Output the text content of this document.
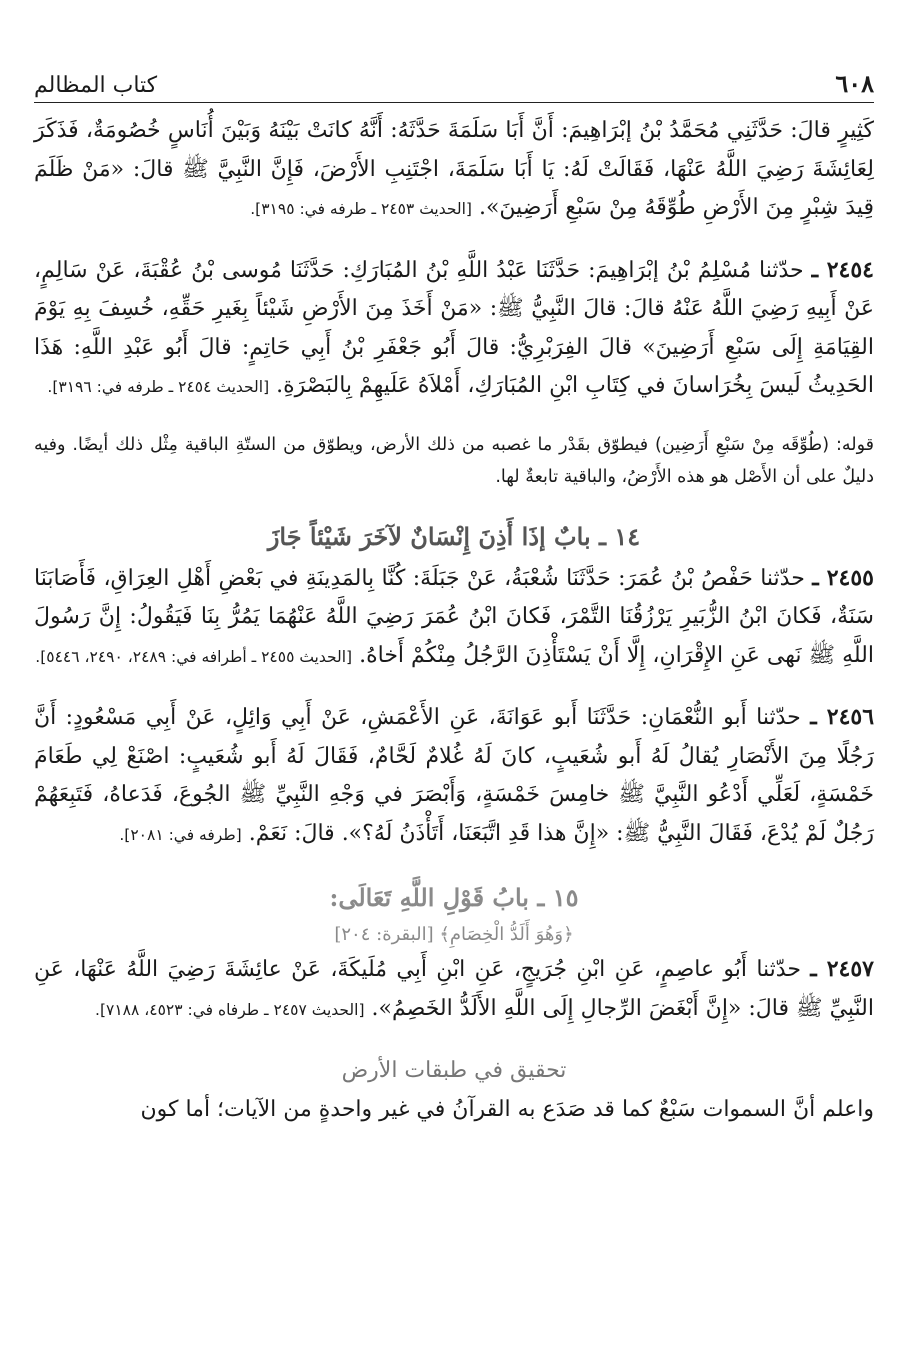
٦٠٨
كتاب المظالم

كَثِيرٍ قالَ: حَدَّثَنِي مُحَمَّدُ بْنُ إبْرَاهِيمَ: أَنَّ أَبَا سَلَمَةَ حَدَّثَهُ: أَنَّهُ كانَتْ بَيْنَهُ وَبَيْنَ أُنَاسٍ خُصُومَةٌ، فَذَكَرَ لِعَائِشَةَ رَضِيَ اللَّهُ عَنْهَا، فَقَالَتْ لَهُ: يَا أَبَا سَلَمَةَ، اجْتَنِبِ الأَرْضَ، فَإِنَّ النَّبِيَّ ﷺ قالَ: «مَنْ ظَلَمَ قِيدَ شِبْرٍ مِنَ الأَرْضِ طُوِّقَهُ مِنْ سَبْعِ أَرَضِينَ». [الحديث ٢٤٥٣ ـ طرفه في: ٣١٩٥].

٢٤٥٤ ـ حدّثنا مُسْلِمُ بْنُ إبْرَاهِيمَ: حَدَّثَنَا عَبْدُ اللَّهِ بْنُ المُبَارَكِ: حَدَّثَنَا مُوسى بْنُ عُقْبَةَ، عَنْ سَالِمٍ، عَنْ أَبِيهِ رَضِيَ اللَّهُ عَنْهُ قالَ: قالَ النَّبِيُّ ﷺ: «مَنْ أَخَذَ مِنَ الأَرْضِ شَيْئاً بِغَيرِ حَقِّهِ، خُسِفَ بِهِ يَوْمَ القِيَامَةِ إِلَى سَبْعِ أَرَضِينَ» قالَ الفِرَبْرِيُّ: قالَ أَبُو جَعْفَرِ بْنُ أَبِي حَاتِمٍ: قالَ أَبُو عَبْدِ اللَّهِ: هَذَا الحَدِيثُ لَيسَ بِخُرَاسانَ في كِتَابِ ابْنِ المُبَارَكِ، أَمْلاَهُ عَلَيهِمْ بِالبَصْرَةِ. [الحديث ٢٤٥٤ ـ طرفه في: ٣١٩٦].

قوله: (طُوِّقَه مِنْ سَبْعِ أَرَضِين) فيطوّق بقَدْر ما غصبه من ذلك الأرض، ويطوّق من الستّةِ الباقية مِثْل ذلك أيضًا. وفيه دليلٌ على أن الأَصْل هو هذه الأَرْضُ، والباقية تابعةٌ لها.

١٤ ـ بابٌ إذَا أَذِنَ إِنْسَانٌ لآخَرَ شَيْئاً جَازَ

٢٤٥٥ ـ حدّثنا حَفْصُ بْنُ عُمَرَ: حَدَّثَنَا شُعْبَةُ، عَنْ جَبَلَةَ: كُنَّا بِالمَدِينَةِ في بَعْضِ أَهْلِ العِرَاقِ، فَأَصَابَنَا سَنَةٌ، فَكانَ ابْنُ الزُّبَيرِ يَرْزُقُنَا التَّمْرَ، فَكانَ ابْنُ عُمَرَ رَضِيَ اللَّهُ عَنْهُمَا يَمُرُّ بِنَا فَيَقُولُ: إِنَّ رَسُولَ اللَّهِ ﷺ نَهى عَنِ الإِقْرَانِ، إِلَّا أَنْ يَسْتَأْذِنَ الرَّجُلُ مِنْكُمْ أَخاهُ. [الحديث ٢٤٥٥ ـ أطرافه في: ٢٤٨٩، ٢٤٩٠، ٥٤٤٦].

٢٤٥٦ ـ حدّثنا أَبو النُّعْمَانِ: حَدَّثَنَا أَبو عَوَانَةَ، عَنِ الأَعْمَشِ، عَنْ أَبِي وَائِلٍ، عَنْ أَبِي مَسْعُودٍ: أَنَّ رَجُلًا مِنَ الأَنْصَارِ يُقالُ لَهُ أَبو شُعَيبٍ، كانَ لَهُ غُلامٌ لَحَّامٌ، فَقَالَ لَهُ أَبو شُعَيبٍ: اصْنَعْ لِي طَعَامَ خَمْسَةٍ، لَعَلِّي أَدْعُو النَّبِيَّ ﷺ خامِسَ خَمْسَةٍ، وَأَبْصَرَ في وَجْهِ النَّبِيِّ ﷺ الجُوعَ، فَدَعاهُ، فَتَبِعَهُمْ رَجُلٌ لَمْ يُدْعَ، فَقَالَ النَّبِيُّ ﷺ: «إِنَّ هذا قَدِ اتَّبَعَنَا، أَتَأْذَنُ لَهُ؟». قالَ: نَعَمْ. [طرفه في: ٢٠٨١].

١٥ ـ بابُ قَوْلِ اللَّهِ تَعَالَى:

﴿وَهُوَ أَلَدُّ الْخِصَامِ﴾ [البقرة: ٢٠٤]

٢٤٥٧ ـ حدّثنا أَبُو عاصِمٍ، عَنِ ابْنِ جُرَيجٍ، عَنِ ابْنِ أَبِي مُلَيكَةَ، عَنْ عائِشَةَ رَضِيَ اللَّهُ عَنْهَا، عَنِ النَّبِيِّ ﷺ قالَ: «إِنَّ أَبْغَضَ الرِّجالِ إِلَى اللَّهِ الأَلَدُّ الخَصِمُ». [الحديث ٢٤٥٧ ـ طرفاه في: ٤٥٢٣، ٧١٨٨].

تحقيق في طبقات الأرض

واعلم أنَّ السموات سَبْعٌ كما قد صَدَع به القرآنُ في غير واحدةٍ من الآيات؛ أما كون
